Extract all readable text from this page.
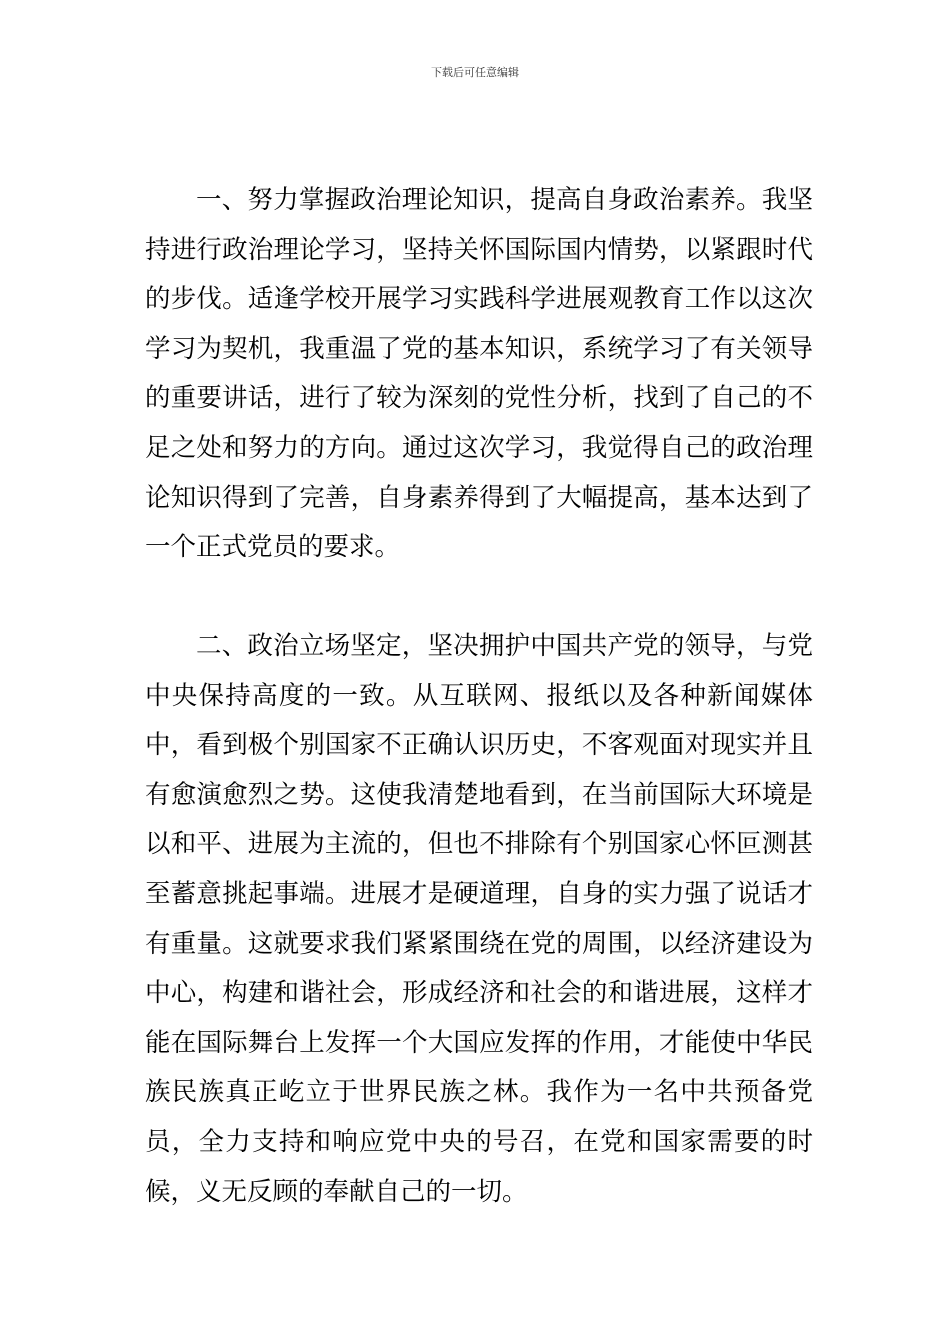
下载后可任意编辑

一、努力掌握政治理论知识，提高自身政治素养。我坚持进行政治理论学习，坚持关怀国际国内情势，以紧跟时代的步伐。适逢学校开展学习实践科学进展观教育工作以这次学习为契机，我重温了党的基本知识，系统学习了有关领导的重要讲话，进行了较为深刻的党性分析，找到了自己的不足之处和努力的方向。通过这次学习，我觉得自己的政治理论知识得到了完善，自身素养得到了大幅提高，基本达到了一个正式党员的要求。

二、政治立场坚定，坚决拥护中国共产党的领导，与党中央保持高度的一致。从互联网、报纸以及各种新闻媒体中，看到极个别国家不正确认识历史，不客观面对现实并且有愈演愈烈之势。这使我清楚地看到，在当前国际大环境是以和平、进展为主流的，但也不排除有个别国家心怀叵测甚至蓄意挑起事端。进展才是硬道理，自身的实力强了说话才有重量。这就要求我们紧紧围绕在党的周围，以经济建设为中心，构建和谐社会，形成经济和社会的和谐进展，这样才能在国际舞台上发挥一个大国应发挥的作用，才能使中华民族民族真正屹立于世界民族之林。我作为一名中共预备党员，全力支持和响应党中央的号召，在党和国家需要的时候，义无反顾的奉献自己的一切。
